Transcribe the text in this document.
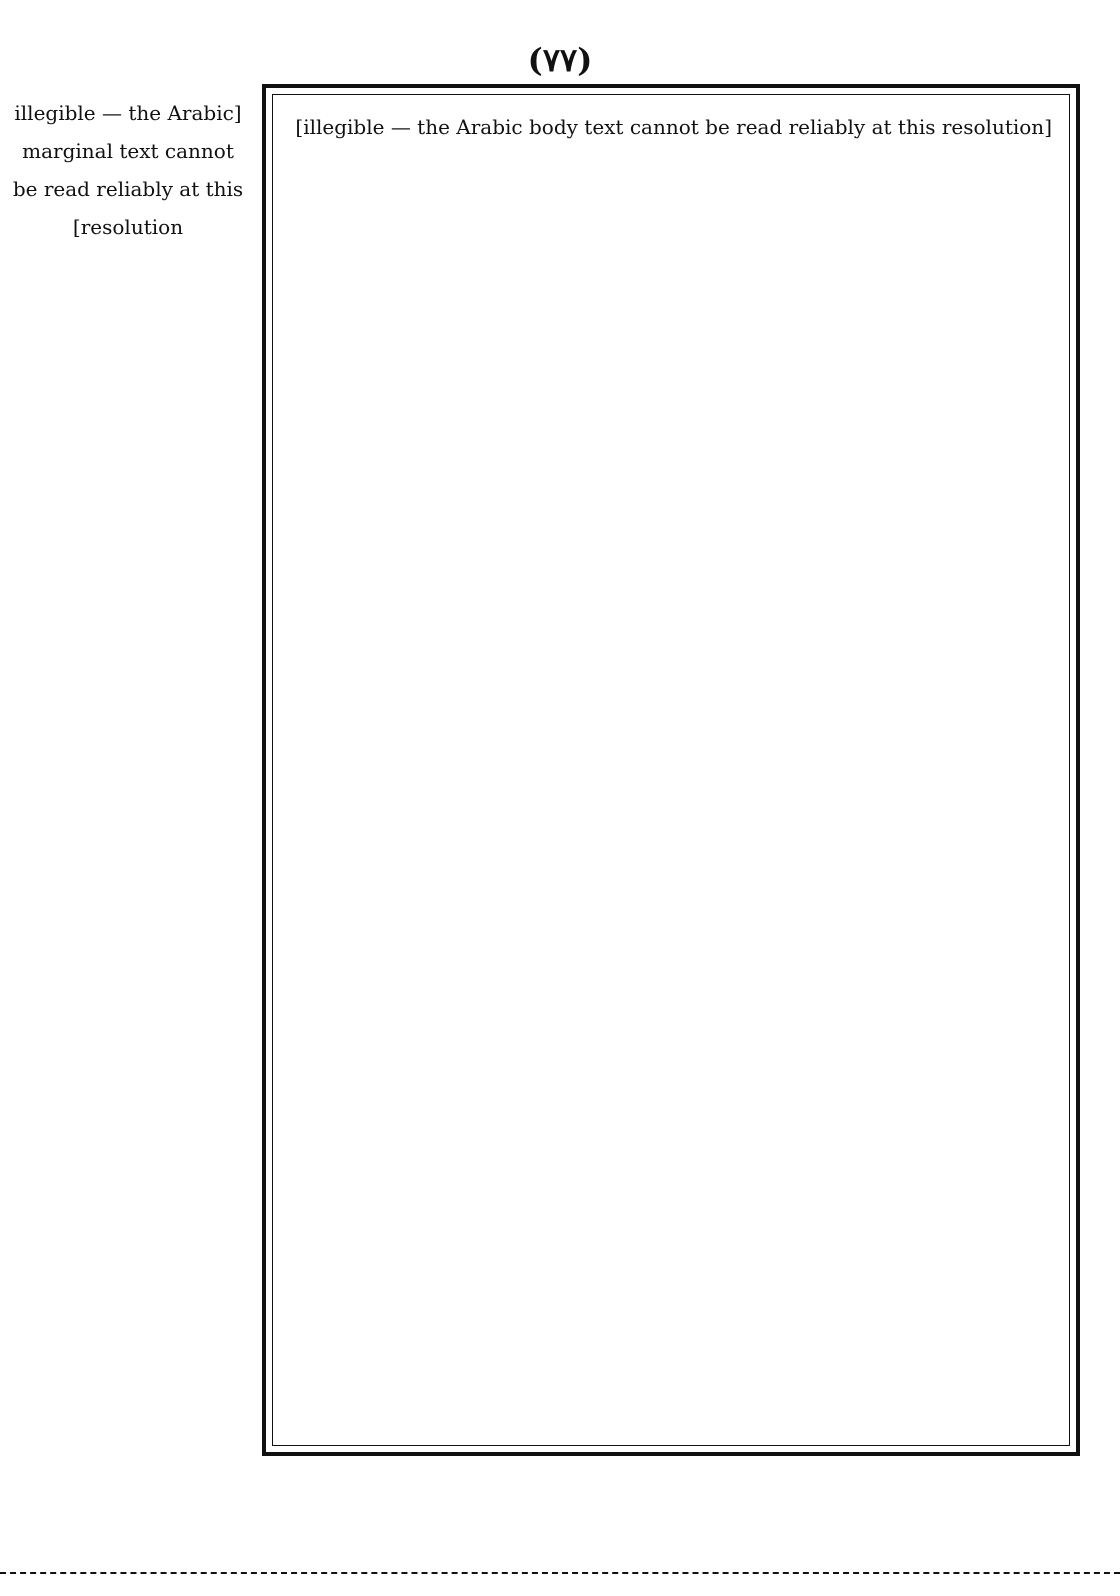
(۷۷)
[illegible — the Arabic body text cannot be read reliably at this resolution]
[illegible — the Arabic marginal text cannot be read reliably at this resolution]
